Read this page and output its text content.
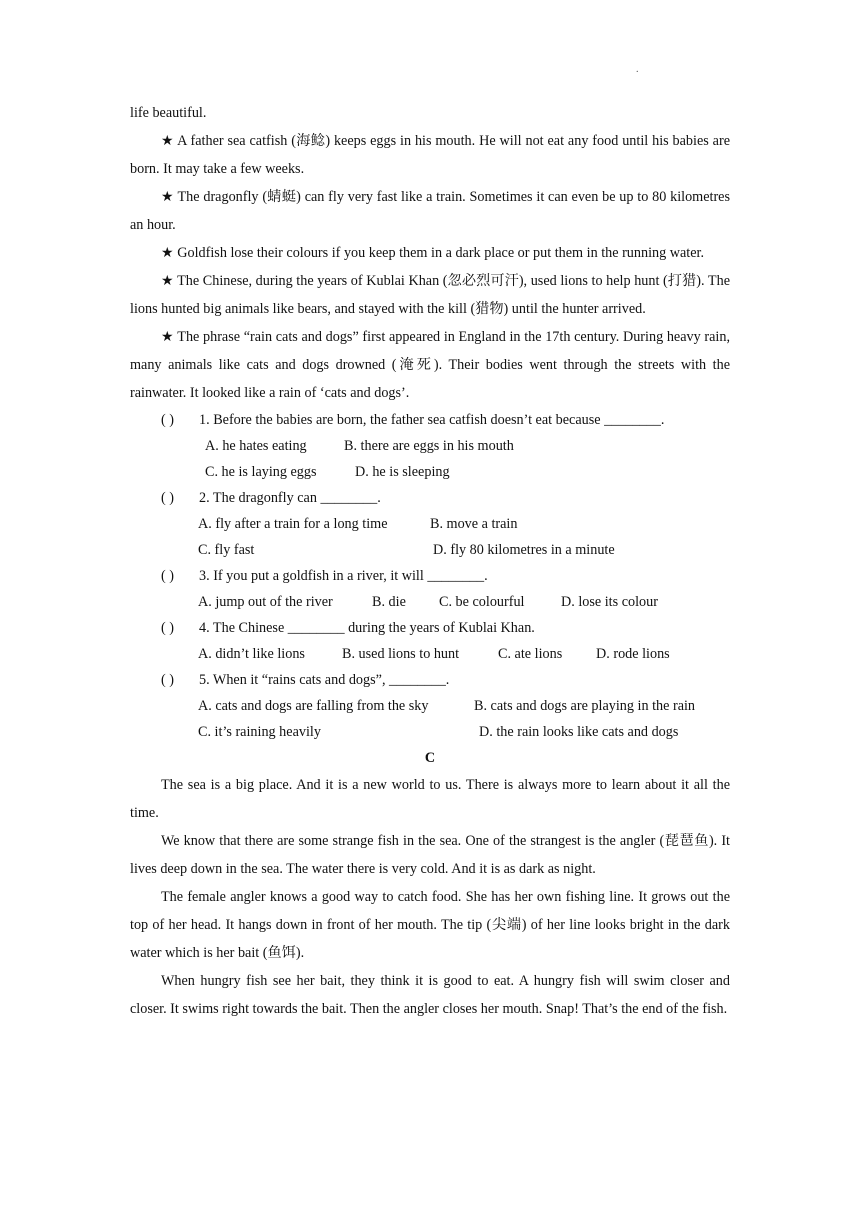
.

life beautiful.

★ A father sea catfish (海鲶) keeps eggs in his mouth. He will not eat any food until his babies are born. It may take a few weeks.

★ The dragonfly (蜻蜓) can fly very fast like a train. Sometimes it can even be up to 80 kilometres an hour.

★ Goldfish lose their colours if you keep them in a dark place or put them in the running water.

★ The Chinese, during the years of Kublai Khan (忽必烈可汗), used lions to help hunt (打猎). The lions hunted big animals like bears, and stayed with the kill (猎物) until the hunter arrived.

★ The phrase “rain cats and dogs” first appeared in England in the 17th century. During heavy rain, many animals like cats and dogs drowned (淹死). Their bodies went through the streets with the rainwater. It looked like a rain of ‘cats and dogs’.

( ) 1. Before the babies are born, the father sea catfish doesn’t eat because ________.

A. he hates eating	B. there are eggs in his mouth
C. he is laying eggs	D. he is sleeping

( ) 2. The dragonfly can ________.

A. fly after a train for a long time	B. move a train
C. fly fast	D. fly 80 kilometres in a minute

( ) 3. If you put a goldfish in a river, it will ________.

A. jump out of the river	B. die C. be colourful	D. lose its colour

( ) 4. The Chinese ________ during the years of Kublai Khan.

A. didn’t like lions	B. used lions to hunt	C. ate lions D. rode lions

( ) 5. When it “rains cats and dogs”, ________.

A. cats and dogs are falling from the sky	B. cats and dogs are playing in the rain
C. it’s raining heavily	D. the rain looks like cats and dogs

C

The sea is a big place. And it is a new world to us. There is always more to learn about it all the time.

We know that there are some strange fish in the sea. One of the strangest is the angler (琵琶鱼). It lives deep down in the sea. The water there is very cold. And it is as dark as night.

The female angler knows a good way to catch food. She has her own fishing line. It grows out the top of her head. It hangs down in front of her mouth. The tip (尖端) of her line looks bright in the dark water which is her bait (鱼饵).

When hungry fish see her bait, they think it is good to eat. A hungry fish will swim closer and closer. It swims right towards the bait. Then the angler closes her mouth. Snap! That’s the end of the fish.
